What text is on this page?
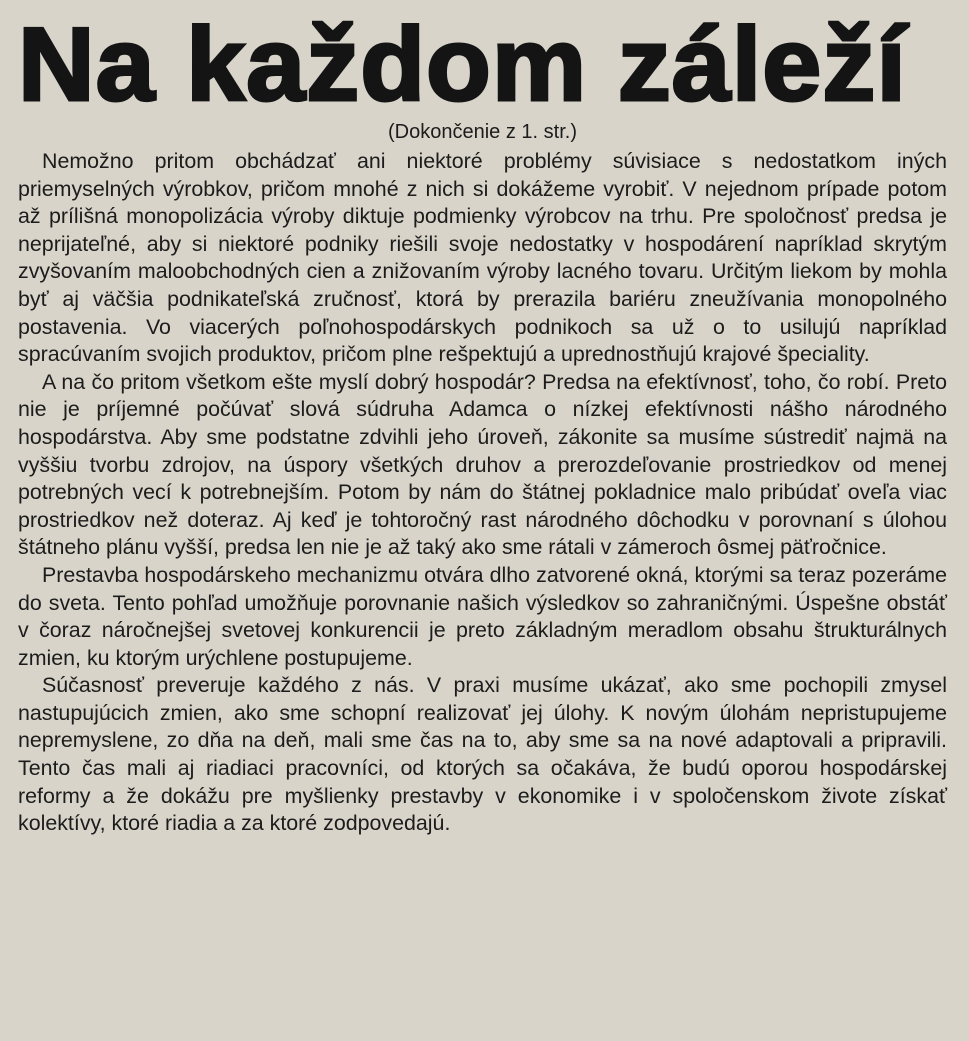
Na každom záleží
(Dokončenie z 1. str.)

Nemožno pritom obchádzať ani niektoré problémy súvisiace s nedostatkom iných priemyselných výrobkov, pričom mnohé z nich si dokážeme vyrobiť. V nejednom prípade potom až prílišná monopolizácia výroby diktuje podmienky výrobcov na trhu. Pre spoločnosť predsa je neprijateľné, aby si niektoré podniky riešili svoje nedostatky v hospodárení napríklad skrytým zvyšovaním maloobchodných cien a znižovaním výroby lacného tovaru. Určitým liekom by mohla byť aj väčšia podnikateľská zručnosť, ktorá by prerazila bariéru zneužívania monopolného postavenia. Vo viacerých poľnohospodárskych podnikoch sa už o to usilujú napríklad spracúvaním svojich produktov, pričom plne rešpektujú a uprednostňujú krajové špeciality.

A na čo pritom všetkom ešte myslí dobrý hospodár? Predsa na efektívnosť, toho, čo robí. Preto nie je príjemné počúvať slová súdruha Adamca o nízkej efektívnosti nášho národného hospodárstva. Aby sme podstatne zdvihli jeho úroveň, zákonite sa musíme sústrediť najmä na vyššiu tvorbu zdrojov, na úspory všetkých druhov a prerozdeľovanie prostriedkov od menej potrebných vecí k potrebnejším. Potom by nám do štátnej pokladnice malo pribúdať oveľa viac prostriedkov než doteraz. Aj keď je tohtoročný rast národného dôchodku v porovnaní s úlohou štátneho plánu vyšší, predsa len nie je až taký ako sme rátali v zámeroch ôsmej päťročnice.

Prestavba hospodárskeho mechanizmu otvára dlho zatvorené okná, ktorými sa teraz pozeráme do sveta. Tento pohľad umožňuje porovnanie našich výsledkov so zahraničnými. Úspešne obstáť v čoraz náročnejšej svetovej konkurencii je preto základným meradlom obsahu štrukturálnych zmien, ku ktorým urýchlene postupujeme.

Súčasnosť preveruje každého z nás. V praxi musíme ukázať, ako sme pochopili zmysel nastupujúcich zmien, ako sme schopní realizovať jej úlohy. K novým úlohám nepristupujeme nepremyslene, zo dňa na deň, mali sme čas na to, aby sme sa na nové adaptovali a pripravili. Tento čas mali aj riadiaci pracovníci, od ktorých sa očakáva, že budú oporou hospodárskej reformy a že dokážu pre myšlienky prestavby v ekonomike i v spoločenskom živote získať kolektívy, ktoré riadia a za ktoré zodpovedajú.
